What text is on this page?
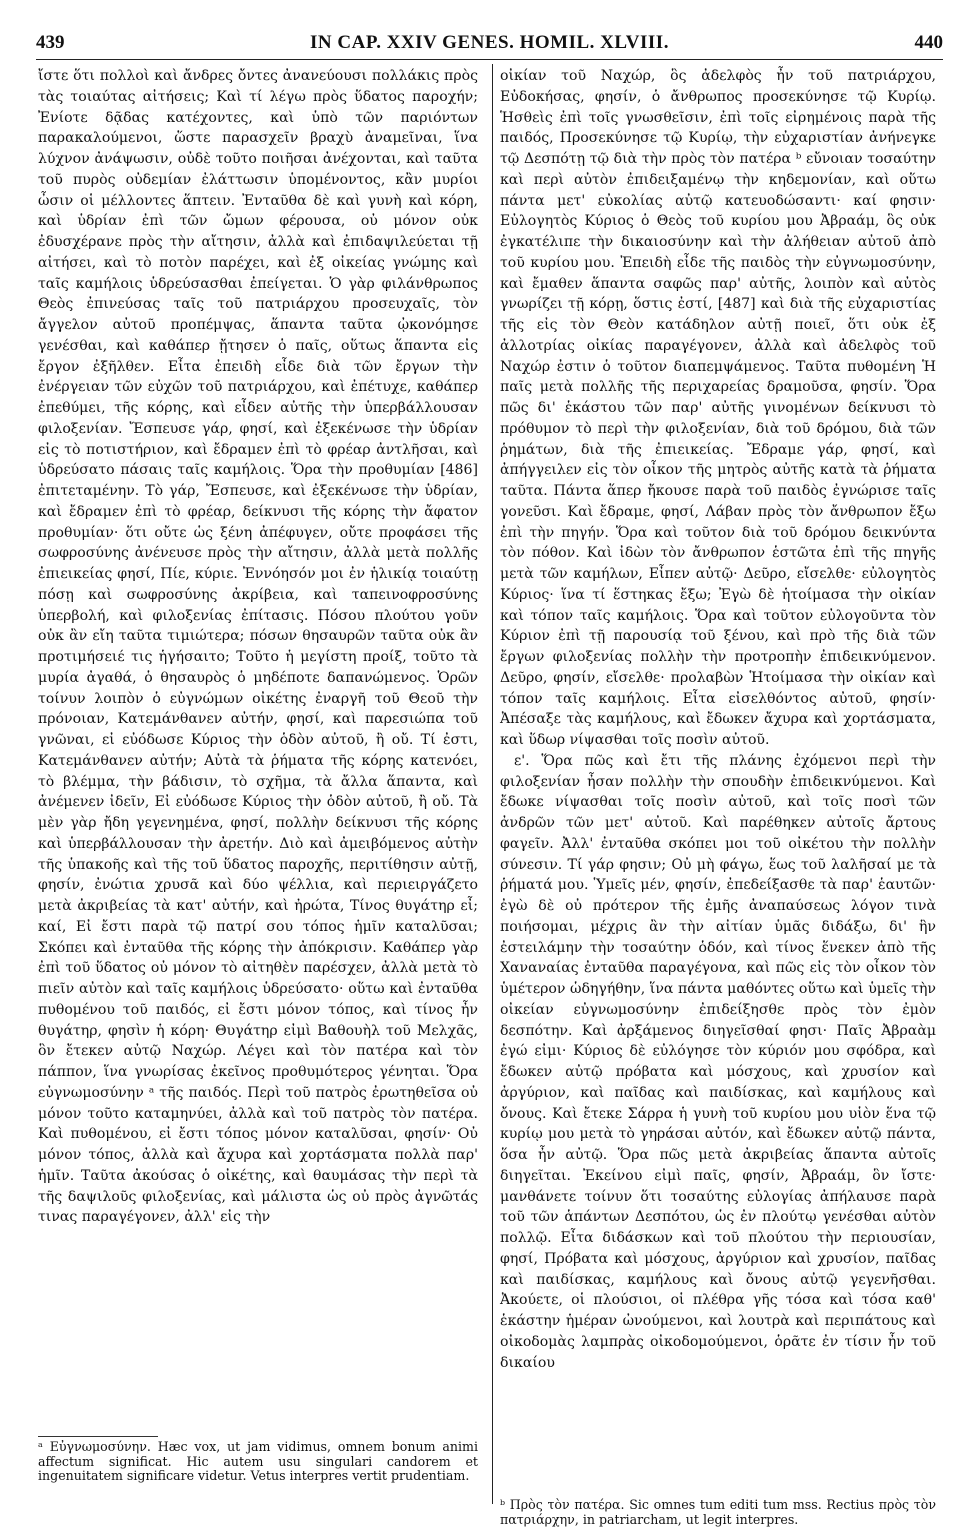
439	IN CAP. XXIV GENES. HOMIL. XLVIII.	440

ἴστε ὅτι πολλοὶ καὶ ἄνδρες ὄντες ἀνανεύουσι πολλάκις πρὸς τὰς τοιαύτας αἰτήσεις; Καὶ τί λέγω πρὸς ὕδατος παροχήν; Ἐνίοτε δᾷδας κατέχοντες, καὶ ὑπὸ τῶν παριόντων παρακαλούμενοι, ὥστε παρασχεῖν βραχὺ ἀναμεῖναι, ἵνα λύχνον ἀνάψωσιν, οὐδὲ τοῦτο ποιῆσαι ἀνέχονται, καὶ ταῦτα τοῦ πυρὸς οὐδεμίαν ἐλάττωσιν ὑπομένοντος, κἂν μυρίοι ὦσιν οἱ μέλλοντες ἅπτειν. Ἐνταῦθα δὲ καὶ γυνὴ καὶ κόρη, καὶ ὑδρίαν ἐπὶ τῶν ὤμων φέρουσα, οὐ μόνον οὐκ ἐδυσχέρανε πρὸς τὴν αἴτησιν, ἀλλὰ καὶ ἐπιδαψιλεύεται τῇ αἰτήσει, καὶ τὸ ποτὸν παρέχει, καὶ ἐξ οἰκείας γνώμης καὶ ταῖς καμήλοις ὑδρεύσασθαι ἐπείγεται. Ὁ γὰρ φιλάνθρωπος Θεὸς ἐπινεύσας ταῖς τοῦ πατριάρχου προσευχαῖς, τὸν ἄγγελον αὐτοῦ προπέμψας, ἅπαντα ταῦτα ᾠκονόμησε γενέσθαι, καὶ καθάπερ ᾔτησεν ὁ παῖς, οὕτως ἅπαντα εἰς ἔργον ἐξῆλθεν. Εἶτα ἐπειδὴ εἶδε διὰ τῶν ἔργων τὴν ἐνέργειαν τῶν εὐχῶν τοῦ πατριάρχου, καὶ ἐπέτυχε, καθάπερ ἐπεθύμει, τῆς κόρης, καὶ εἶδεν αὐτῆς τὴν ὑπερβάλλουσαν φιλοξενίαν. Ἔσπευσε γάρ, φησί, καὶ ἐξεκένωσε τὴν ὑδρίαν εἰς τὸ ποτιστήριον, καὶ ἔδραμεν ἐπὶ τὸ φρέαρ ἀντλῆσαι, καὶ ὑδρεύσατο πάσαις ταῖς καμήλοις. Ὅρα τὴν προθυμίαν [486] ἐπιτεταμένην. Τὸ γάρ, Ἔσπευσε, καὶ ἐξεκένωσε τὴν ὑδρίαν, καὶ ἔδραμεν ἐπὶ τὸ φρέαρ, δείκνυσι τῆς κόρης τὴν ἄφατον προθυμίαν· ὅτι οὔτε ὡς ξένη ἀπέφυγεν, οὔτε προφάσει τῆς σωφροσύνης ἀνένευσε πρὸς τὴν αἴτησιν, ἀλλὰ μετὰ πολλῆς ἐπιεικείας φησί, Πίε, κύριε. Ἐννόησόν μοι ἐν ἡλικίᾳ τοιαύτῃ πόσῃ καὶ σωφροσύνης ἀκρίβεια, καὶ ταπεινοφροσύνης ὑπερβολή, καὶ φιλοξενίας ἐπίτασις. Πόσου πλούτου γοῦν οὐκ ἂν εἴη ταῦτα τιμιώτερα; πόσων θησαυρῶν ταῦτα οὐκ ἂν προτιμήσειέ τις ἡγήσαιτο; Τοῦτο ἡ μεγίστη προίξ, τοῦτο τὰ μυρία ἀγαθά, ὁ θησαυρὸς ὁ μηδέποτε δαπανώμενος. Ὁρῶν τοίνυν λοιπὸν ὁ εὐγνώμων οἰκέτης ἐναργῆ τοῦ Θεοῦ τὴν πρόνοιαν, Κατεμάνθανεν αὐτήν, φησί, καὶ παρεσιώπα τοῦ γνῶναι, εἰ εὐόδωσε Κύριος τὴν ὁδὸν αὐτοῦ, ἢ οὔ. Τί ἐστι, Κατεμάνθανεν αὐτήν; Αὐτὰ τὰ ῥήματα τῆς κόρης κατενόει, τὸ βλέμμα, τὴν βάδισιν, τὸ σχῆμα, τὰ ἄλλα ἅπαντα, καὶ ἀνέμενεν ἰδεῖν, Εἰ εὐόδωσε Κύριος τὴν ὁδὸν αὐτοῦ, ἢ οὔ. Τὰ μὲν γὰρ ἤδη γεγενημένα, φησί, πολλὴν δείκνυσι τῆς κόρης καὶ ὑπερβάλλουσαν τὴν ἀρετήν. Διὸ καὶ ἀμειβόμενος αὐτὴν τῆς ὑπακοῆς καὶ τῆς τοῦ ὕδατος παροχῆς, περιτίθησιν αὐτῇ, φησίν, ἐνώτια χρυσᾶ καὶ δύο ψέλλια, καὶ περιειργάζετο μετὰ ἀκριβείας τὰ κατ' αὐτήν, καὶ ἠρώτα, Τίνος θυγάτηρ εἶ; καί, Εἰ ἔστι παρὰ τῷ πατρί σου τόπος ἡμῖν καταλῦσαι; Σκόπει καὶ ἐνταῦθα τῆς κόρης τὴν ἀπόκρισιν. Καθάπερ γὰρ ἐπὶ τοῦ ὕδατος οὐ μόνον τὸ αἰτηθὲν παρέσχεν, ἀλλὰ μετὰ τὸ πιεῖν αὐτὸν καὶ ταῖς καμήλοις ὑδρεύσατο· οὕτω καὶ ἐνταῦθα πυθομένου τοῦ παιδός, εἰ ἔστι μόνον τόπος, καὶ τίνος ἦν θυγάτηρ, φησὶν ἡ κόρη· Θυγάτηρ εἰμὶ Βαθουὴλ τοῦ Μελχᾶς, ὃν ἔτεκεν αὐτῷ Ναχώρ. Λέγει καὶ τὸν πατέρα καὶ τὸν πάππον, ἵνα γνωρίσας ἐκεῖνος προθυμότερος γένηται. Ὅρα εὐγνωμοσύνην ᵃ τῆς παιδός. Περὶ τοῦ πατρὸς ἐρωτηθεῖσα οὐ μόνον τοῦτο καταμηνύει, ἀλλὰ καὶ τοῦ πατρὸς τὸν πατέρα. Καὶ πυθομένου, εἰ ἔστι τόπος μόνον καταλῦσαι, φησίν· Οὐ μόνον τόπος, ἀλλὰ καὶ ἄχυρα καὶ χορτάσματα πολλὰ παρ' ἡμῖν. Ταῦτα ἀκούσας ὁ οἰκέτης, καὶ θαυμάσας τὴν περὶ τὰ τῆς δαψιλοῦς φιλοξενίας, καὶ μάλιστα ὡς οὐ πρὸς ἀγνῶτάς τινας παραγέγονεν, ἀλλ' εἰς τὴν

οἰκίαν τοῦ Ναχώρ, ὃς ἀδελφὸς ἦν τοῦ πατριάρχου, Εὐδοκήσας, φησίν, ὁ ἄνθρωπος προσεκύνησε τῷ Κυρίῳ. Ἡσθεὶς ἐπὶ τοῖς γνωσθεῖσιν, ἐπὶ τοῖς εἰρημένοις παρὰ τῆς παιδός, Προσεκύνησε τῷ Κυρίῳ, τὴν εὐχαριστίαν ἀνήνεγκε τῷ Δεσπότῃ τῷ διὰ τὴν πρὸς τὸν πατέρα ᵇ εὔνοιαν τοσαύτην καὶ περὶ αὐτὸν ἐπιδειξαμένῳ τὴν κηδεμονίαν, καὶ οὕτω πάντα μετ' εὐκολίας αὐτῷ κατευοδώσαντι· καί φησιν· Εὐλογητὸς Κύριος ὁ Θεὸς τοῦ κυρίου μου Ἀβραάμ, ὃς οὐκ ἐγκατέλιπε τὴν δικαιοσύνην καὶ τὴν ἀλήθειαν αὐτοῦ ἀπὸ τοῦ κυρίου μου. Ἐπειδὴ εἶδε τῆς παιδὸς τὴν εὐγνωμοσύνην, καὶ ἔμαθεν ἅπαντα σαφῶς παρ' αὐτῆς, λοιπὸν καὶ αὐτὸς γνωρίζει τῇ κόρῃ, ὅστις ἐστί, [487] καὶ διὰ τῆς εὐχαριστίας τῆς εἰς τὸν Θεὸν κατάδηλον αὐτῇ ποιεῖ, ὅτι οὐκ ἐξ ἀλλοτρίας οἰκίας παραγέγονεν, ἀλλὰ καὶ ἀδελφὸς τοῦ Ναχώρ ἐστιν ὁ τοῦτον διαπεμψάμενος. Ταῦτα πυθομένη Ἡ παῖς μετὰ πολλῆς τῆς περιχαρείας δραμοῦσα, φησίν. Ὅρα πῶς δι' ἑκάστου τῶν παρ' αὐτῆς γινομένων δείκνυσι τὸ πρόθυμον τὸ περὶ τὴν φιλοξενίαν, διὰ τοῦ δρόμου, διὰ τῶν ῥημάτων, διὰ τῆς ἐπιεικείας. Ἔδραμε γάρ, φησί, καὶ ἀπήγγειλεν εἰς τὸν οἶκον τῆς μητρὸς αὐτῆς κατὰ τὰ ῥήματα ταῦτα. Πάντα ἅπερ ἤκουσε παρὰ τοῦ παιδὸς ἐγνώρισε ταῖς γονεῦσι. Καὶ ἔδραμε, φησί, Λάβαν πρὸς τὸν ἄνθρωπον ἔξω ἐπὶ τὴν πηγήν. Ὅρα καὶ τοῦτον διὰ τοῦ δρόμου δεικνύντα τὸν πόθον. Καὶ ἰδὼν τὸν ἄνθρωπον ἑστῶτα ἐπὶ τῆς πηγῆς μετὰ τῶν καμήλων, Εἶπεν αὐτῷ· Δεῦρο, εἴσελθε· εὐλογητὸς Κύριος· ἵνα τί ἕστηκας ἔξω; Ἐγὼ δὲ ἡτοίμασα τὴν οἰκίαν καὶ τόπον ταῖς καμήλοις. Ὅρα καὶ τοῦτον εὐλογοῦντα τὸν Κύριον ἐπὶ τῇ παρουσίᾳ τοῦ ξένου, καὶ πρὸ τῆς διὰ τῶν ἔργων φιλοξενίας πολλὴν τὴν προτροπὴν ἐπιδεικνύμενον. Δεῦρο, φησίν, εἴσελθε· προλαβὼν Ἡτοίμασα τὴν οἰκίαν καὶ τόπον ταῖς καμήλοις. Εἶτα εἰσελθόντος αὐτοῦ, φησίν· Ἀπέσαξε τὰς καμήλους, καὶ ἔδωκεν ἄχυρα καὶ χορτάσματα, καὶ ὕδωρ νίψασθαι τοῖς ποσὶν αὐτοῦ.

ε'. Ὅρα πῶς καὶ ἔτι τῆς πλάνης ἐχόμενοι περὶ τὴν φιλοξενίαν ἦσαν πολλὴν τὴν σπουδὴν ἐπιδεικνύμενοι. Καὶ ἔδωκε νίψασθαι τοῖς ποσὶν αὐτοῦ, καὶ τοῖς ποσὶ τῶν ἀνδρῶν τῶν μετ' αὐτοῦ. Καὶ παρέθηκεν αὐτοῖς ἄρτους φαγεῖν. Ἀλλ' ἐνταῦθα σκόπει μοι τοῦ οἰκέτου τὴν πολλὴν σύνεσιν. Τί γάρ φησιν; Οὐ μὴ φάγω, ἕως τοῦ λαλῆσαί με τὰ ῥήματά μου. Ὑμεῖς μέν, φησίν, ἐπεδείξασθε τὰ παρ' ἑαυτῶν· ἐγὼ δὲ οὐ πρότερον τῆς ἐμῆς ἀναπαύσεως λόγον τινὰ ποιήσομαι, μέχρις ἂν τὴν αἰτίαν ὑμᾶς διδάξω, δι' ἣν ἐστειλάμην τὴν τοσαύτην ὁδόν, καὶ τίνος ἕνεκεν ἀπὸ τῆς Χαναναίας ἐνταῦθα παραγέγονα, καὶ πῶς εἰς τὸν οἶκον τὸν ὑμέτερον ὡδηγήθην, ἵνα πάντα μαθόντες οὕτω καὶ ὑμεῖς τὴν οἰκείαν εὐγνωμοσύνην ἐπιδείξησθε πρὸς τὸν ἐμὸν δεσπότην. Καὶ ἀρξάμενος διηγεῖσθαί φησι· Παῖς Ἀβραὰμ ἐγώ εἰμι· Κύριος δὲ εὐλόγησε τὸν κύριόν μου σφόδρα, καὶ ἔδωκεν αὐτῷ πρόβατα καὶ μόσχους, καὶ χρυσίον καὶ ἀργύριον, καὶ παῖδας καὶ παιδίσκας, καὶ καμήλους καὶ ὄνους. Καὶ ἔτεκε Σάρρα ἡ γυνὴ τοῦ κυρίου μου υἱὸν ἕνα τῷ κυρίῳ μου μετὰ τὸ γηράσαι αὐτόν, καὶ ἔδωκεν αὐτῷ πάντα, ὅσα ἦν αὐτῷ. Ὅρα πῶς μετὰ ἀκριβείας ἅπαντα αὐτοῖς διηγεῖται. Ἐκείνου εἰμὶ παῖς, φησίν, Ἀβραάμ, ὃν ἴστε· μανθάνετε τοίνυν ὅτι τοσαύτης εὐλογίας ἀπήλαυσε παρὰ τοῦ τῶν ἁπάντων Δεσπότου, ὡς ἐν πλούτῳ γενέσθαι αὐτὸν πολλῷ. Εἶτα διδάσκων καὶ τοῦ πλούτου τὴν περιουσίαν, φησί, Πρόβατα καὶ μόσχους, ἀργύριον καὶ χρυσίον, παῖδας καὶ παιδίσκας, καμήλους καὶ ὄνους αὐτῷ γεγενῆσθαι. Ἀκούετε, οἱ πλούσιοι, οἱ πλέθρα γῆς τόσα καὶ τόσα καθ' ἑκάστην ἡμέραν ὠνούμενοι, καὶ λουτρὰ καὶ περιπάτους καὶ οἰκοδομὰς λαμπρὰς οἰκοδομούμενοι, ὁρᾶτε ἐν τίσιν ἦν τοῦ δικαίου

ᵃ Εὐγνωμοσύνην. Hæc vox, ut jam vidimus, omnem bonum animi affectum significat. Hic autem usu singulari candorem et ingenuitatem significare videtur. Vetus interpres vertit prudentiam.

ᵇ Πρὸς τὸν πατέρα. Sic omnes tum editi tum mss. Rectius πρὸς τὸν πατριάρχην, in patriarcham, ut legit interpres.
